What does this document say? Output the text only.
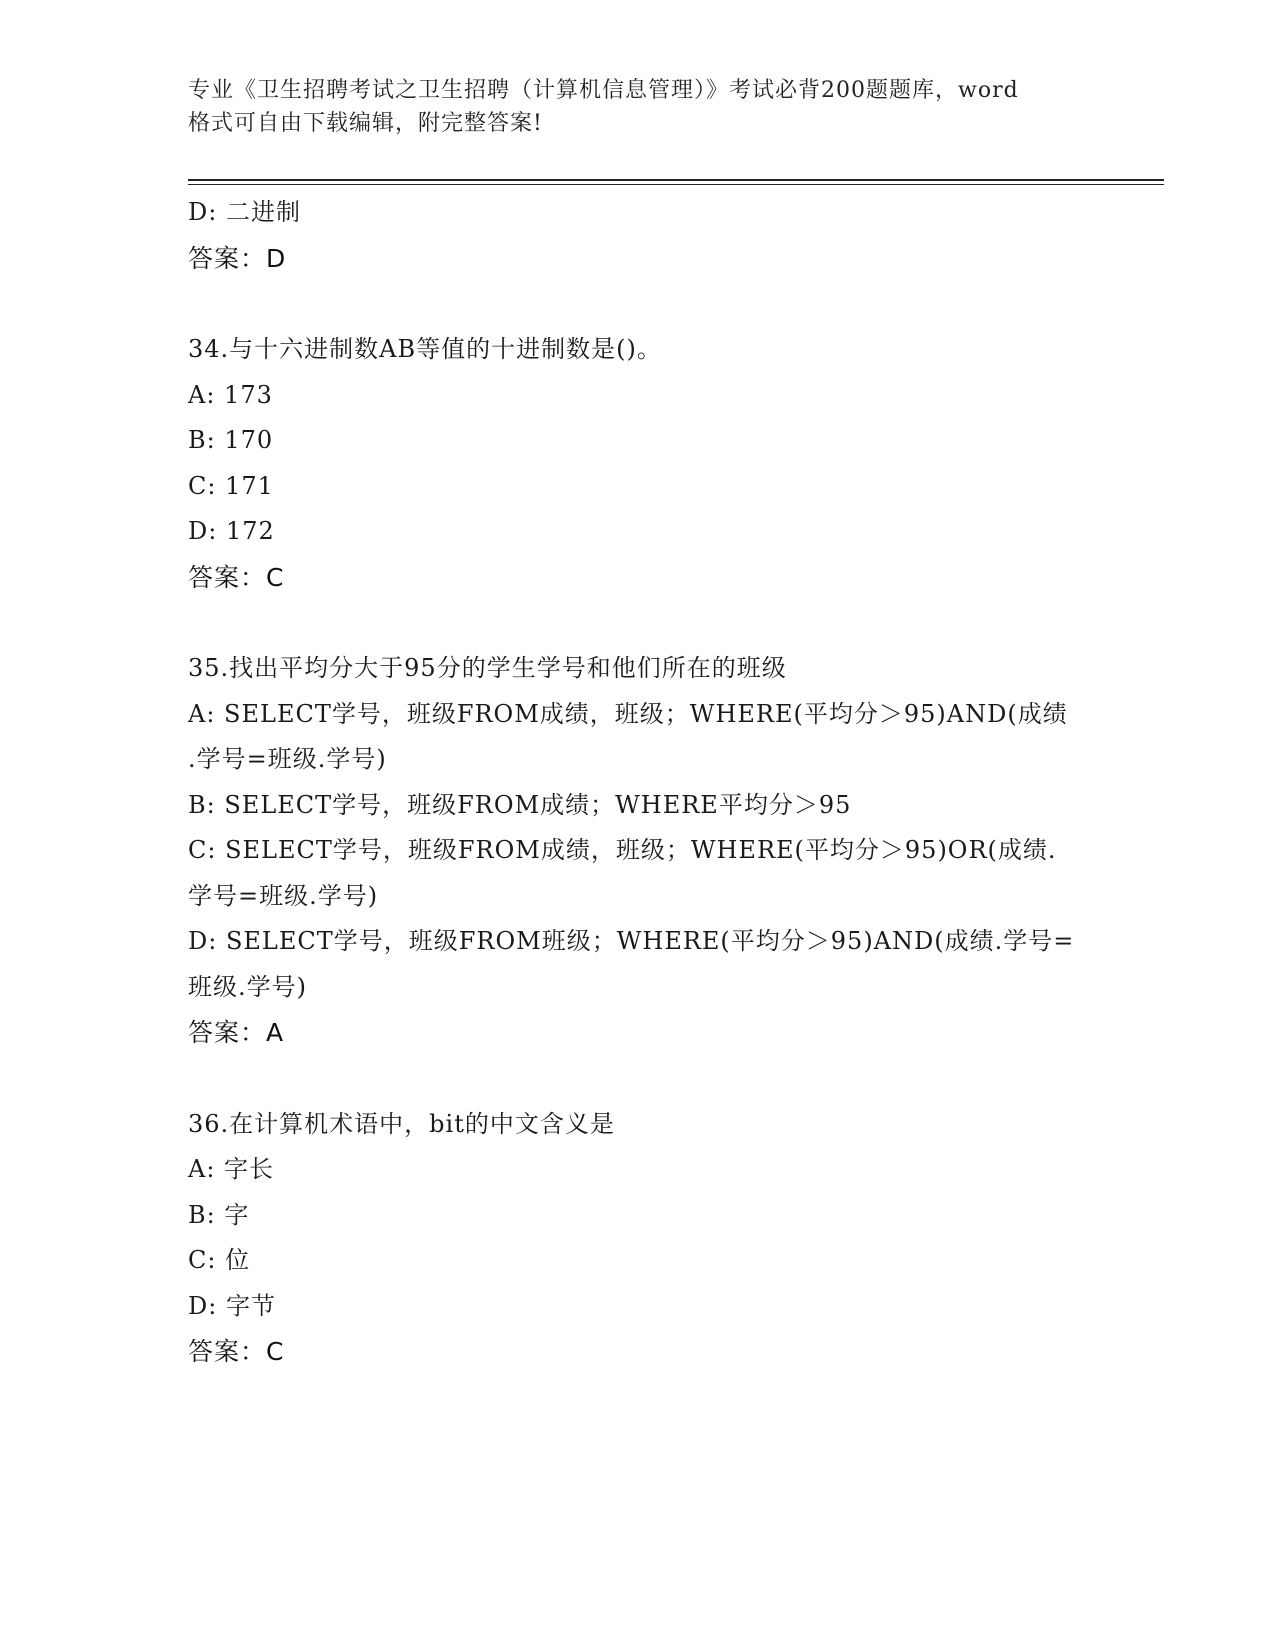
专业《卫生招聘考试之卫生招聘（计算机信息管理）》考试必背200题题库，word
格式可自由下载编辑，附完整答案!
D: 二进制
答案：D
34.与十六进制数AB等值的十进制数是()。
A: 173
B: 170
C: 171
D: 172
答案：C
35.找出平均分大于95分的学生学号和他们所在的班级
A: SELECT学号，班级FROM成绩，班级；WHERE(平均分＞95)AND(成绩
.学号=班级.学号)
B: SELECT学号，班级FROM成绩；WHERE平均分＞95
C: SELECT学号，班级FROM成绩，班级；WHERE(平均分＞95)OR(成绩.
学号=班级.学号)
D: SELECT学号，班级FROM班级；WHERE(平均分＞95)AND(成绩.学号=
班级.学号)
答案：A
36.在计算机术语中，bit的中文含义是
A: 字长
B: 字
C: 位
D: 字节
答案：C
